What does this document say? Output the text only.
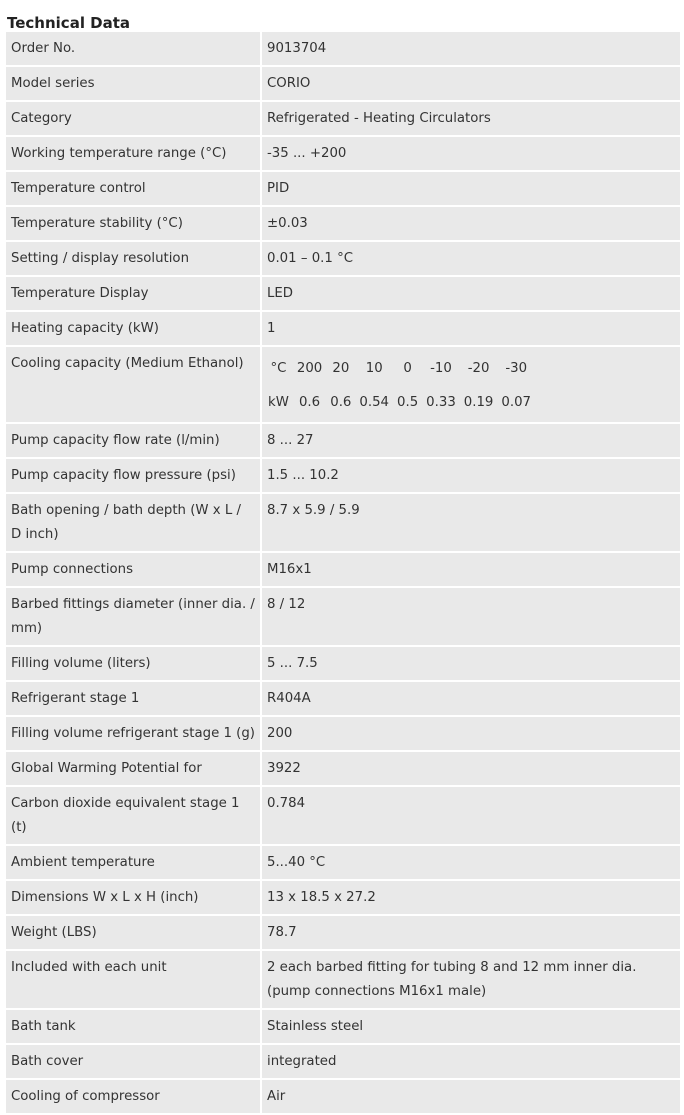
Technical Data
Order No.	9013704
Model series	CORIO
Category	Refrigerated - Heating Circulators
Working temperature range (°C)	-35 ... +200
Temperature control	PID
Temperature stability (°C)	±0.03
Setting / display resolution	0.01 – 0.1 °C
Temperature Display	LED
Heating capacity (kW)	1
Cooling capacity (Medium Ethanol)	°C	200	20	10	0	-10	-20	-30
kW	0.6	0.6	0.54	0.5	0.33	0.19	0.07

Pump capacity flow rate (l/min)	8 ... 27
Pump capacity flow pressure (psi)	1.5 ... 10.2
Bath opening / bath depth (W x L / D inch)	8.7 x 5.9 / 5.9
Pump connections	M16x1
Barbed fittings diameter (inner dia. / mm)	8 / 12
Filling volume (liters)	5 ... 7.5
Refrigerant stage 1	R404A
Filling volume refrigerant stage 1 (g)	200
Global Warming Potential for	3922
Carbon dioxide equivalent stage 1 (t)	0.784
Ambient temperature	5...40 °C
Dimensions W x L x H (inch)	13 x 18.5 x 27.2
Weight (LBS)	78.7
Included with each unit	2 each barbed fitting for tubing 8 and 12 mm inner dia. (pump connections M16x1 male)
Bath tank	Stainless steel
Bath cover	integrated
Cooling of compressor	Air
